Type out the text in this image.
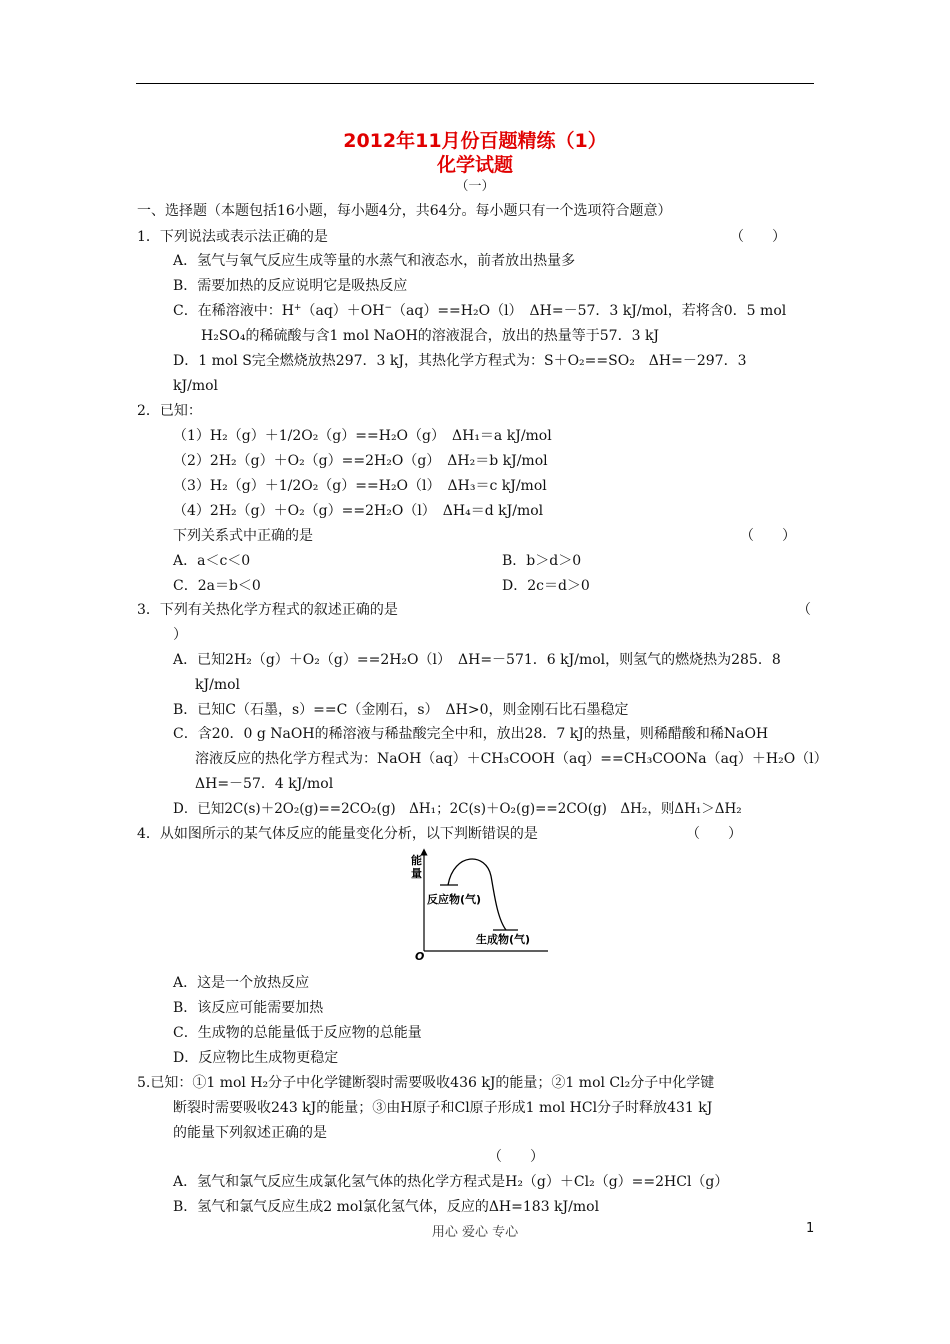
2012年11月份百题精练（1）
化学试题
（一）
一、选择题（本题包括16小题，每小题4分，共64分。每小题只有一个选项符合题意）
1．下列说法或表示法正确的是	（　　）
A．氢气与氧气反应生成等量的水蒸气和液态水，前者放出热量多
B．需要加热的反应说明它是吸热反应
C．在稀溶液中：H+（aq）＋OH−（aq）==H₂O（l）　ΔH=－57．3 kJ/mol，若将含0．5 mol
H₂SO₄的稀硫酸与含1 mol NaOH的溶液混合，放出的热量等于57．3 kJ
D．1 mol S完全燃烧放热297．3 kJ，其热化学方程式为：S＋O₂==SO₂　ΔH=－297．3
kJ/mol
2．已知：
（1）H₂（g）＋1/2O₂（g）==H₂O（g）　ΔH₁＝a kJ/mol
（2）2H₂（g）＋O₂（g）==2H₂O（g）　ΔH₂＝b kJ/mol
（3）H₂（g）＋1/2O₂（g）==H₂O（l）　ΔH₃＝c kJ/mol
（4）2H₂（g）＋O₂（g）==2H₂O（l）　ΔH₄＝d kJ/mol
下列关系式中正确的是	（　　）
A．a＜c＜0	B．b＞d＞0
C．2a＝b＜0	D．2c＝d＞0
3．下列有关热化学方程式的叙述正确的是	（
）
A．已知2H₂（g）＋O₂（g）==2H₂O（l）　ΔH=－571．6 kJ/mol，则氢气的燃烧热为285．8
kJ/mol
B．已知C（石墨，s）==C（金刚石，s）　ΔH>0，则金刚石比石墨稳定
C．含20．0 g NaOH的稀溶液与稀盐酸完全中和，放出28．7 kJ的热量，则稀醋酸和稀NaOH
溶液反应的热化学方程式为：NaOH（aq）＋CH₃COOH（aq）==CH₃COONa（aq）＋H₂O（l）
ΔH=－57．4 kJ/mol
D．已知2C(s)＋2O₂(g)==2CO₂(g)　ΔH₁；2C(s)＋O₂(g)==2CO(g)　ΔH₂，则ΔH₁＞ΔH₂
4．从如图所示的某气体反应的能量变化分析，以下判断错误的是	（　　）
能
量
反应物(气)
生成物(气)
O
A．这是一个放热反应
B．该反应可能需要加热
C．生成物的总能量低于反应物的总能量
D．反应物比生成物更稳定
5.已知：①1 mol H₂分子中化学键断裂时需要吸收436 kJ的能量；②1 mol Cl₂分子中化学键
断裂时需要吸收243 kJ的能量；③由H原子和Cl原子形成1 mol HCl分子时释放431 kJ
的能量下列叙述正确的是
（　　）
A．氢气和氯气反应生成氯化氢气体的热化学方程式是H₂（g）＋Cl₂（g）==2HCl（g）
B．氢气和氯气反应生成2 mol氯化氢气体，反应的ΔH=183 kJ/mol
用心 爱心 专心	1
